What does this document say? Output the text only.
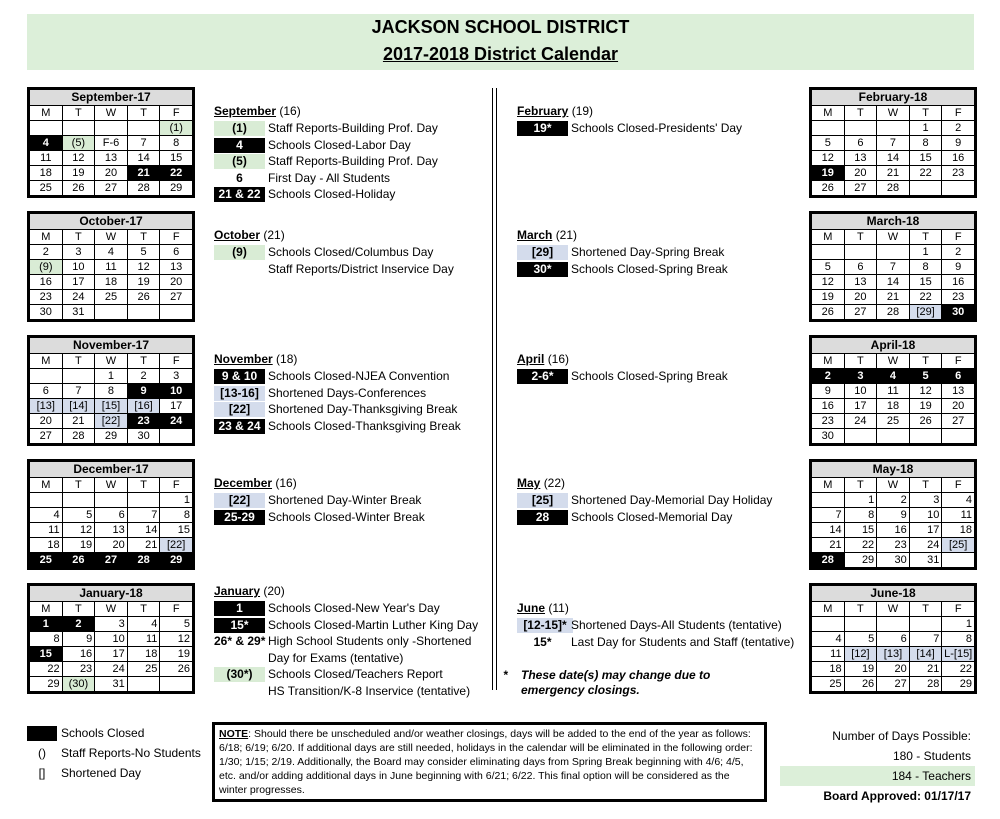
JACKSON SCHOOL DISTRICT
2017-2018 District Calendar
September-17				
M	T	W	T	F
				(1)
4	(5)	F-6	7	8
11	12	13	14	15
18	19	20	21	22
25	26	27	28	29
October-17				
M	T	W	T	F
2	3	4	5	6
(9)	10	11	12	13
16	17	18	19	20
23	24	25	26	27
30	31			
November-17				
M	T	W	T	F
		1	2	3
6	7	8	9	10
[13]	[14]	[15]	[16]	17
20	21	[22]	23	24
27	28	29	30	
December-17				
M	T	W	T	F
				1
4	5	6	7	8
11	12	13	14	15
18	19	20	21	[22]
25	26	27	28	29
January-18				
M	T	W	T	F
1	2	3	4	5
8	9	10	11	12
15	16	17	18	19
22	23	24	25	26
29	(30)	31		
February-18				
M	T	W	T	F
			1	2
5	6	7	8	9
12	13	14	15	16
19	20	21	22	23
26	27	28		
March-18				
M	T	W	T	F
			1	2
5	6	7	8	9
12	13	14	15	16
19	20	21	22	23
26	27	28	[29]	30
April-18				
M	T	W	T	F
2	3	4	5	6
9	10	11	12	13
16	17	18	19	20
23	24	25	26	27
30				
May-18				
M	T	W	T	F
	1	2	3	4
7	8	9	10	11
14	15	16	17	18
21	22	23	24	[25]
28	29	30	31	
June-18				
M	T	W	T	F
				1
4	5	6	7	8
11	[12]	[13]	[14]	L-[15]
18	19	20	21	22
25	26	27	28	29
September (16)
(1)	Staff Reports-Building Prof. Day
4	Schools Closed-Labor Day
(5)	Staff Reports-Building Prof. Day
6	First Day - All Students
21 & 22 Schools Closed-Holiday
October (21)
(9)	Schools Closed/Columbus Day
Staff Reports/District Inservice Day
November (18)
9 & 10 Schools Closed-NJEA Convention
[13-16] Shortened Days-Conferences
[22]	Shortened Day-Thanksgiving Break
23 & 24 Schools Closed-Thanksgiving Break
December (16)
[22]	Shortened Day-Winter Break
25-29	Schools Closed-Winter Break
January (20)
1	Schools Closed-New Year's Day
15*	Schools Closed-Martin Luther King Day
26* & 29* High School Students only -Shortened
Day for Exams (tentative)
(30*)	Schools Closed/Teachers Report
HS Transition/K-8 Inservice (tentative)
February (19)
19*	Schools Closed-Presidents' Day
March (21)
[29]	Shortened Day-Spring Break
30*	Schools Closed-Spring Break
April (16)
2-6*	Schools Closed-Spring Break
May (22)
[25]	Shortened Day-Memorial Day Holiday
28	Schools Closed-Memorial Day
June (11)
[12-15]* Shortened Days-All Students (tentative)
15*	Last Day for Students and Staff (tentative)
* These date(s) may change due to
emergency closings.
Schools Closed
()	Staff Reports-No Students
[]	Shortened Day
NOTE: Should there be unscheduled and/or weather closings, days will be added to the end of the year as follows: 6/18; 6/19; 6/20. If additional days are still needed, holidays in the calendar will be eliminated in the following order: 1/30; 1/15; 2/19. Additionally, the Board may consider eliminating days from Spring Break beginning with 4/6; 4/5, etc. and/or adding additional days in June beginning with 6/21; 6/22. This final option will be considered as the winter progresses.
Number of Days Possible:
180 - Students
184 - Teachers
Board Approved: 01/17/17
